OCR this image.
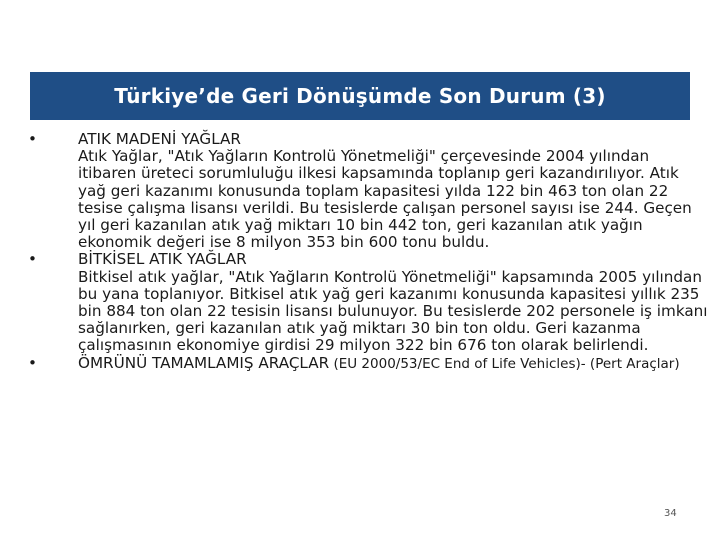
Türkiye’de Geri Dönüşümde Son Durum (3)
•	ATIK MADENİ YAĞLAR
Atık Yağlar, "Atık Yağların Kontrolü Yönetmeliği" çerçevesinde 2004 yılından itibaren üreteci sorumluluğu ilkesi kapsamında toplanıp geri kazandırılıyor. Atık yağ geri kazanımı konusunda toplam kapasitesi yılda 122 bin 463 ton olan 22 tesise çalışma lisansı verildi. Bu tesislerde çalışan personel sayısı ise 244. Geçen yıl geri kazanılan atık yağ miktarı 10 bin 442 ton, geri kazanılan atık yağın ekonomik değeri ise 8 milyon 353 bin 600 tonu buldu.
•	BİTKİSEL ATIK YAĞLAR
Bitkisel atık yağlar, "Atık Yağların Kontrolü Yönetmeliği" kapsamında 2005 yılından bu yana toplanıyor. Bitkisel atık yağ geri kazanımı konusunda kapasitesi yıllık 235 bin 884 ton olan 22 tesisin lisansı bulunuyor. Bu tesislerde 202 personele iş imkanı sağlanırken, geri kazanılan atık yağ miktarı 30 bin ton oldu. Geri kazanma çalışmasının ekonomiye girdisi 29 milyon 322 bin 676 ton olarak belirlendi.
•	ÖMRÜNÜ TAMAMLAMIŞ ARAÇLAR (EU 2000/53/EC End of Life Vehicles)- (Pert Araçlar)
34
